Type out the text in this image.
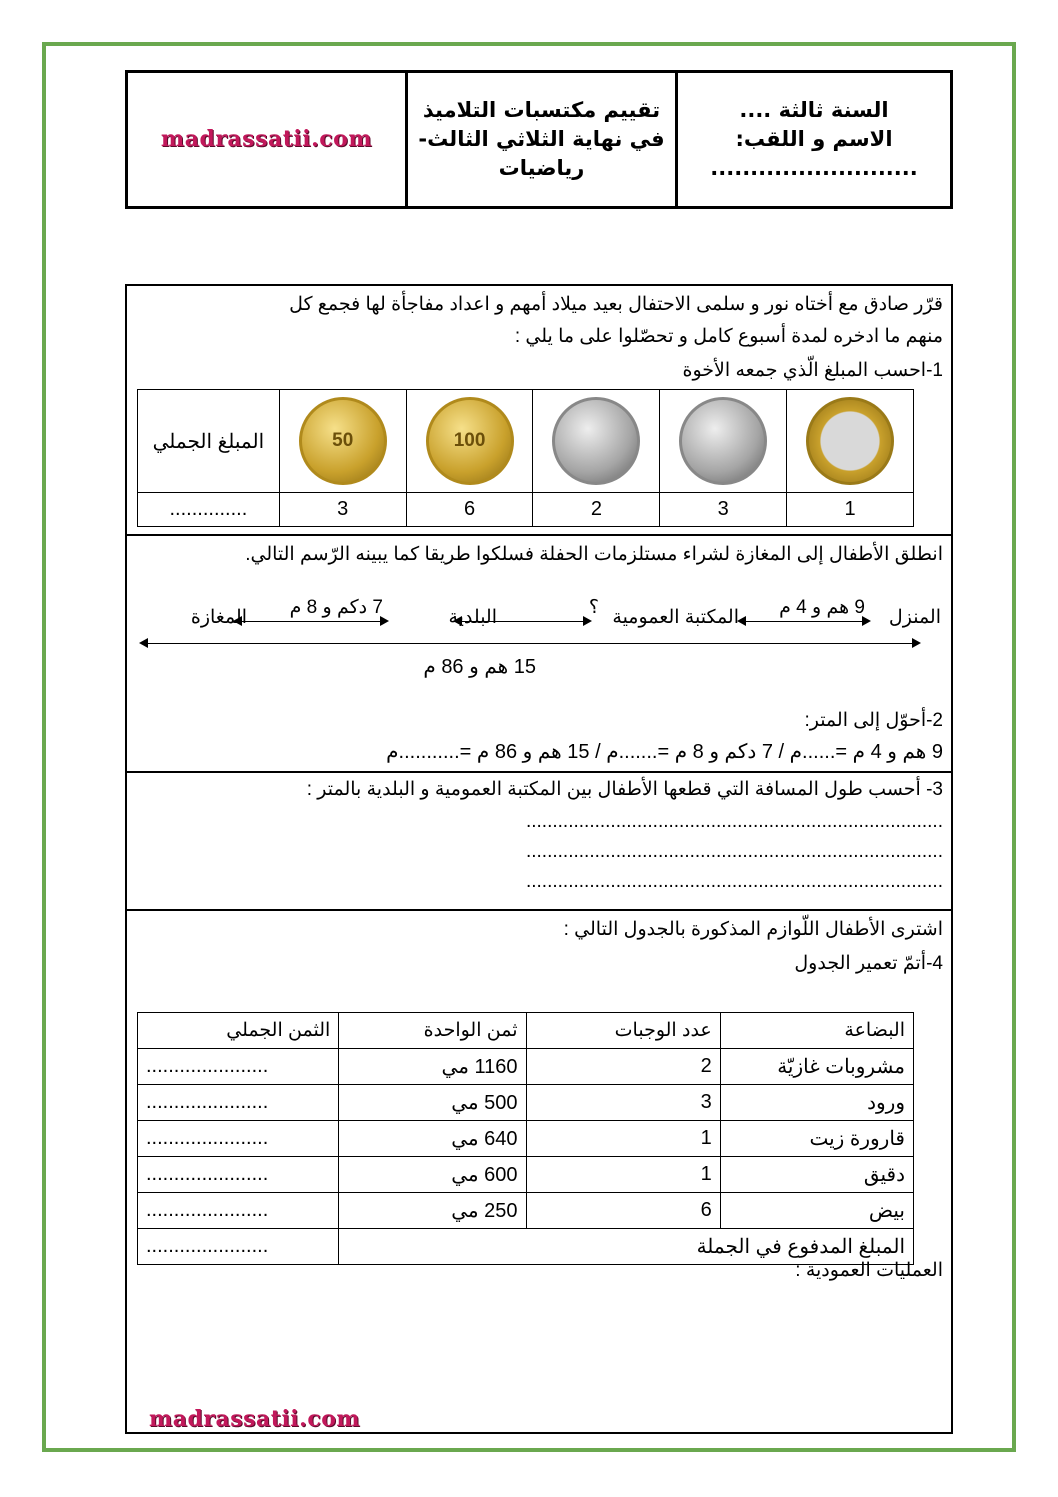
السنة ثالثة ....
الاسم و اللقب:
..........................
تقييم مكتسبات التلاميذ
في نهاية الثلاثي الثالث-
رياضيات
madrassatii.com
قرّر صادق مع أختاه نور و سلمى الاحتفال بعيد ميلاد أمهم و اعداد مفاجأة لها فجمع كل
منهم ما ادخره لمدة أسبوع كامل و تحصّلوا على ما يلي :
1-احسب المبلغ الّذي جمعه الأخوة

			100	50	المبلغ الجملي
1	3	2	6	3	..............
انطلق الأطفال إلى المغازة لشراء مستلزمات الحفلة فسلكوا طريقا كما يبينه الرّسم التالي.
المنزل
المكتبة العمومية
البلدية
المغازة	9 هم و 4 م
؟
7 دكم و 8 م
15 هم و 86 م
2-أحوّل إلى المتر:
9 هم و 4 م =......م / 7 دكم و 8 م =.......م / 15 هم و 86 م =...........م
3- أحسب طول المسافة التي قطعها الأطفال بين المكتبة العمومية و البلدية بالمتر :
...............................................................................
...............................................................................
...............................................................................
اشترى الأطفال اللّوازم المذكورة بالجدول التالي :
4-أتمّ تعمير الجدول
البضاعة	عدد الوجبات	ثمن الواحدة	الثمن الجملي
مشروبات غازيّة	2	1160 مي	......................
ورود	3	500 مي	......................
قارورة زيت	1	640 مي	......................
دقيق	1	600 مي	......................
بيض	6	250 مي	......................
المبلغ المدفوع في الجملة			......................
العمليات العمودية :
madrassatii.com
